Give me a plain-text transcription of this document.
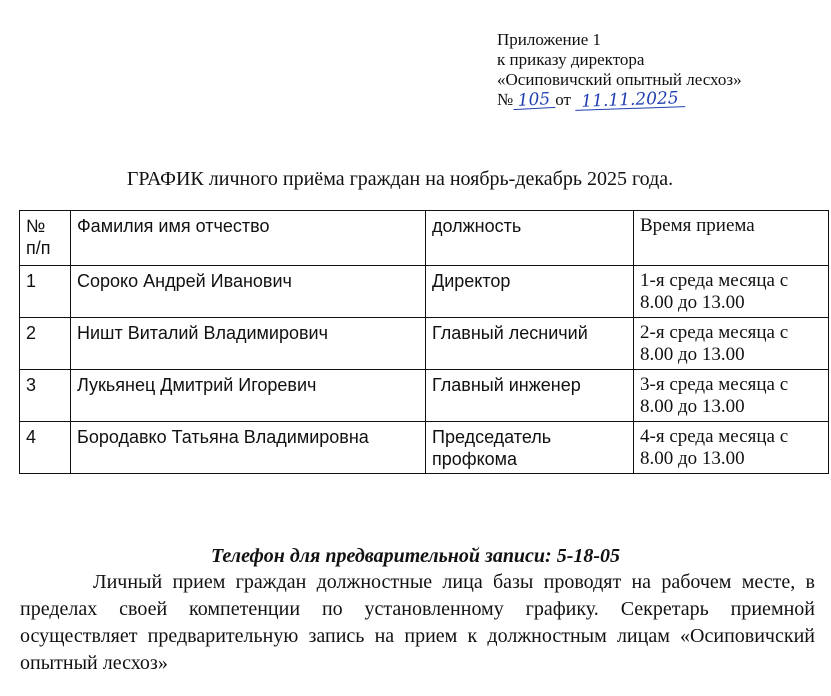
Приложение 1
к приказу директора
«Осиповичский опытный лесхоз»
№ 105 от 11.11.2025
ГРАФИК личного приёма граждан на ноябрь-декабрь 2025 года.
№ п/п	Фамилия имя отчество	должность	Время приема
1	Сороко Андрей Иванович	Директор	1-я среда месяца с 8.00 до 13.00
2	Ништ Виталий Владимирович	Главный лесничий	2-я среда месяца с 8.00 до 13.00
3	Лукьянец Дмитрий Игоревич	Главный инженер	3-я среда месяца с 8.00 до 13.00
4	Бородавко Татьяна Владимировна	Председатель профкома	4-я среда месяца с 8.00 до 13.00
Телефон для предварительной записи: 5-18-05
Личный прием граждан должностные лица базы проводят на рабочем месте, в пределах своей компетенции по установленному графику. Секретарь приемной осуществляет предварительную запись на прием к должностным лицам «Осиповичский опытный лесхоз»
